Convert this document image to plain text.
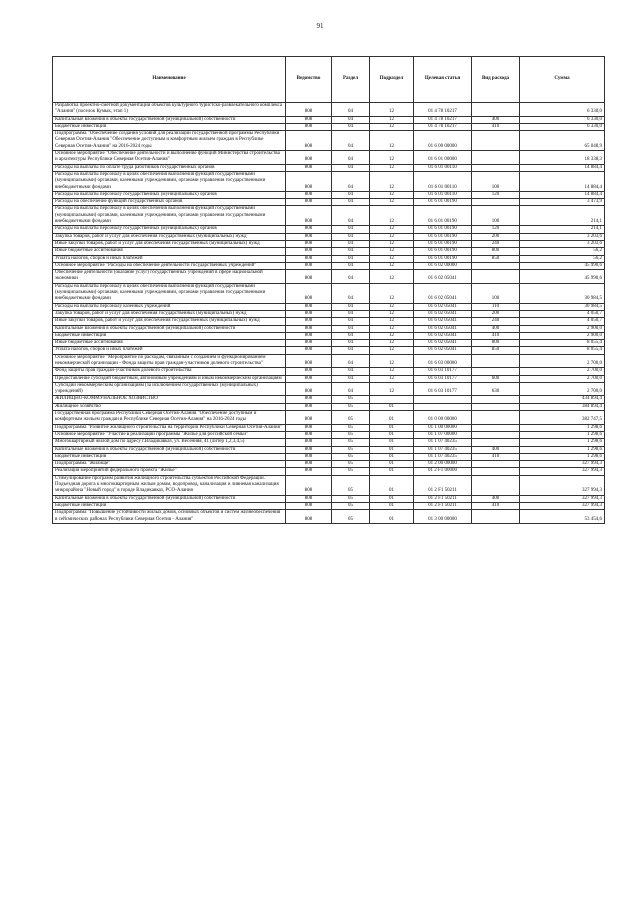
91
Наименование	Ведомство	Раздел	Подраздел	Целевая статья	Вид расхода	Сумма
Разработка проектно-сметной документации объектов культурного туристско-развлекательного комплекса "Алания" (поселок Кумык, этап 1)	808	04	12	01 4 78 10217		6 330,0
Капитальные вложения в объекты государственной (муниципальной) собственности	808	04	12	01 4 78 10217	400	6 330,0
Бюджетные инвестиции	808	04	12	01 4 78 10217	410	6 330,0
Подпрограмма "Обеспечение создания условий для реализации государственной программы Республики Северная Осетия-Алания "Обеспечение доступным и комфортным жильем граждан в Республике Северная Осетия-Алания" на 2016-2024 годы	808	04	12	01 6 00 00000		65 048,9
Основное мероприятие "Обеспечение деятельности и выполнение функций Министерства строительства и архитектуры Республики Северная Осетия-Алания"	808	04	12	01 6 01 00000		18 338,3
Расходы на выплаты по оплате труда работников государственных органов	808	04	12	01 6 01 00110		14 884,4
Расходы на выплаты персоналу в целях обеспечения выполнения функций государственными (муниципальными) органами, казенными учреждениями, органами управления государственными внебюджетными фондами	808	04	12	01 6 01 00110	100	14 884,4
Расходы на выплаты персоналу государственных (муниципальных) органов	808	04	12	01 6 01 00110	120	14 884,4
Расходы на обеспечение функций государственных органов	808	04	12	01 6 01 00190		3 473,9
Расходы на выплаты персоналу в целях обеспечения выполнения функций государственными (муниципальными) органами, казенными учреждениями, органами управления государственными внебюджетными фондами	808	04	12	01 6 01 00190	100	214,1
Расходы на выплаты персоналу государственных (муниципальных) органов	808	04	12	01 6 01 00190	120	214,1
Закупка товаров, работ и услуг для обеспечения государственных (муниципальных) нужд	808	04	12	01 6 01 00190	200	3 203,6
Иные закупки товаров, работ и услуг для обеспечения государственных (муниципальных) нужд	808	04	12	01 6 01 00190	240	3 203,6
Иные бюджетные ассигнования	808	04	12	01 6 01 00190	800	56,2
Уплата налогов, сборов и иных платежей	808	04	12	01 6 01 00190	850	56,2
Основное мероприятие "Расходы на обеспечение деятельности государственных учреждений"	808	04	12	01 6 02 00000		45 990,6
Обеспечение деятельности (оказание услуг) государственных учреждений в сфере национальной экономики	808	04	12	01 6 02 05041		45 990,6
Расходы на выплаты персоналу в целях обеспечения выполнения функций государственными (муниципальными) органами, казенными учреждениями, органами управления государственными внебюджетными фондами	808	04	12	01 6 02 05041	100	30 984,5
Расходы на выплаты персоналу казенных учреждений	808	04	12	01 6 02 05041	110	30 984,5
Закупка товаров, работ и услуг для обеспечения государственных (муниципальных) нужд	808	04	12	01 6 02 05041	200	4 050,7
Иные закупки товаров, работ и услуг для обеспечения государственных (муниципальных) нужд	808	04	12	01 6 02 05041	240	4 050,7
Капитальные вложения в объекты государственной (муниципальной) собственности	808	04	12	01 6 02 05041	400	2 900,0
Бюджетные инвестиции	808	04	12	01 6 02 05041	410	2 900,0
Иные бюджетные ассигнования	808	04	12	01 6 02 05041	800	8 055,4
Уплата налогов, сборов и иных платежей	808	04	12	01 6 02 05041	850	8 055,4
Основное мероприятие "Мероприятие по расходам, связанным с созданием и функционированием некоммерческой организации - Фонда защиты прав граждан-участников долевого строительства"	808	04	12	01 6 03 00000		2 700,0
Фонд защиты прав граждан-участников долевого строительства	808	04	12	01 6 03 10177		2 700,0
Предоставление субсидий бюджетным, автономным учреждениям и иным некоммерческим организациям	808	04	12	01 6 03 10177	600	2 700,0
Субсидии некоммерческим организациям (за исключением государственных (муниципальных) учреждений)	808	04	12	01 6 03 10177	630	2 700,0
ЖИЛИЩНО-КОММУНАЛЬНОЕ ХОЗЯЙСТВО	808	05				434 894,4
Жилищное хозяйство	808	05	01			384 894,4
Государственная программа Республики Северная Осетия-Алания "Обеспечение доступным и комфортным жильем граждан в Республике Северная Осетия-Алания" на 2016-2024 годы	808	05	01	01 0 00 00000		382 747,5
Подпрограмма "Развитие жилищного строительства на территории Республики Северная Осетия-Алания"	808	05	01	01 1 00 00000		1 298,6
Основное мероприятие "Участие в реализации программы "Жилье для российской семьи"	808	05	01	01 1 07 00000		1 298,6
Многоквартирный жилой дом по адресу г.Владикавказ, ул. Весенняя, 41 (литер 1,2,3,4,5)	808	05	01	01 1 07 40235		1 298,6
Капитальные вложения в объекты государственной (муниципальной) собственности	808	05	01	01 1 07 40235	400	1 298,6
Бюджетные инвестиции	808	05	01	01 1 07 40235	410	1 298,6
Подпрограмма "Жилище"	808	05	01	01 2 00 00000		327 994,3
Реализация мероприятий федерального проекта "Жилье"	808	05	01	01 2 F1 00000		327 994,3
Стимулирование программ развития жилищного строительства субъектов Российской Федерации. Подъездная дорога к многоквартирным жилым домам, водопровод, канализация и ливневая канализация микрорайона "Новый город" в городе Владикавказ, РСО-Алания	808	05	01	01 2 F1 50211		327 994,3
Капитальные вложения в объекты государственной (муниципальной) собственности	808	05	01	01 2 F1 50211	400	327 994,3
Бюджетные инвестиции	808	05	01	01 2 F1 50211	410	327 994,3
Подпрограмма "Повышение устойчивости жилых домов, основных объектов и систем жизнеобеспечения в сейсмических районах Республики Северная Осетия - Алания"	808	05	01	01 3 00 00000		53 454,6
